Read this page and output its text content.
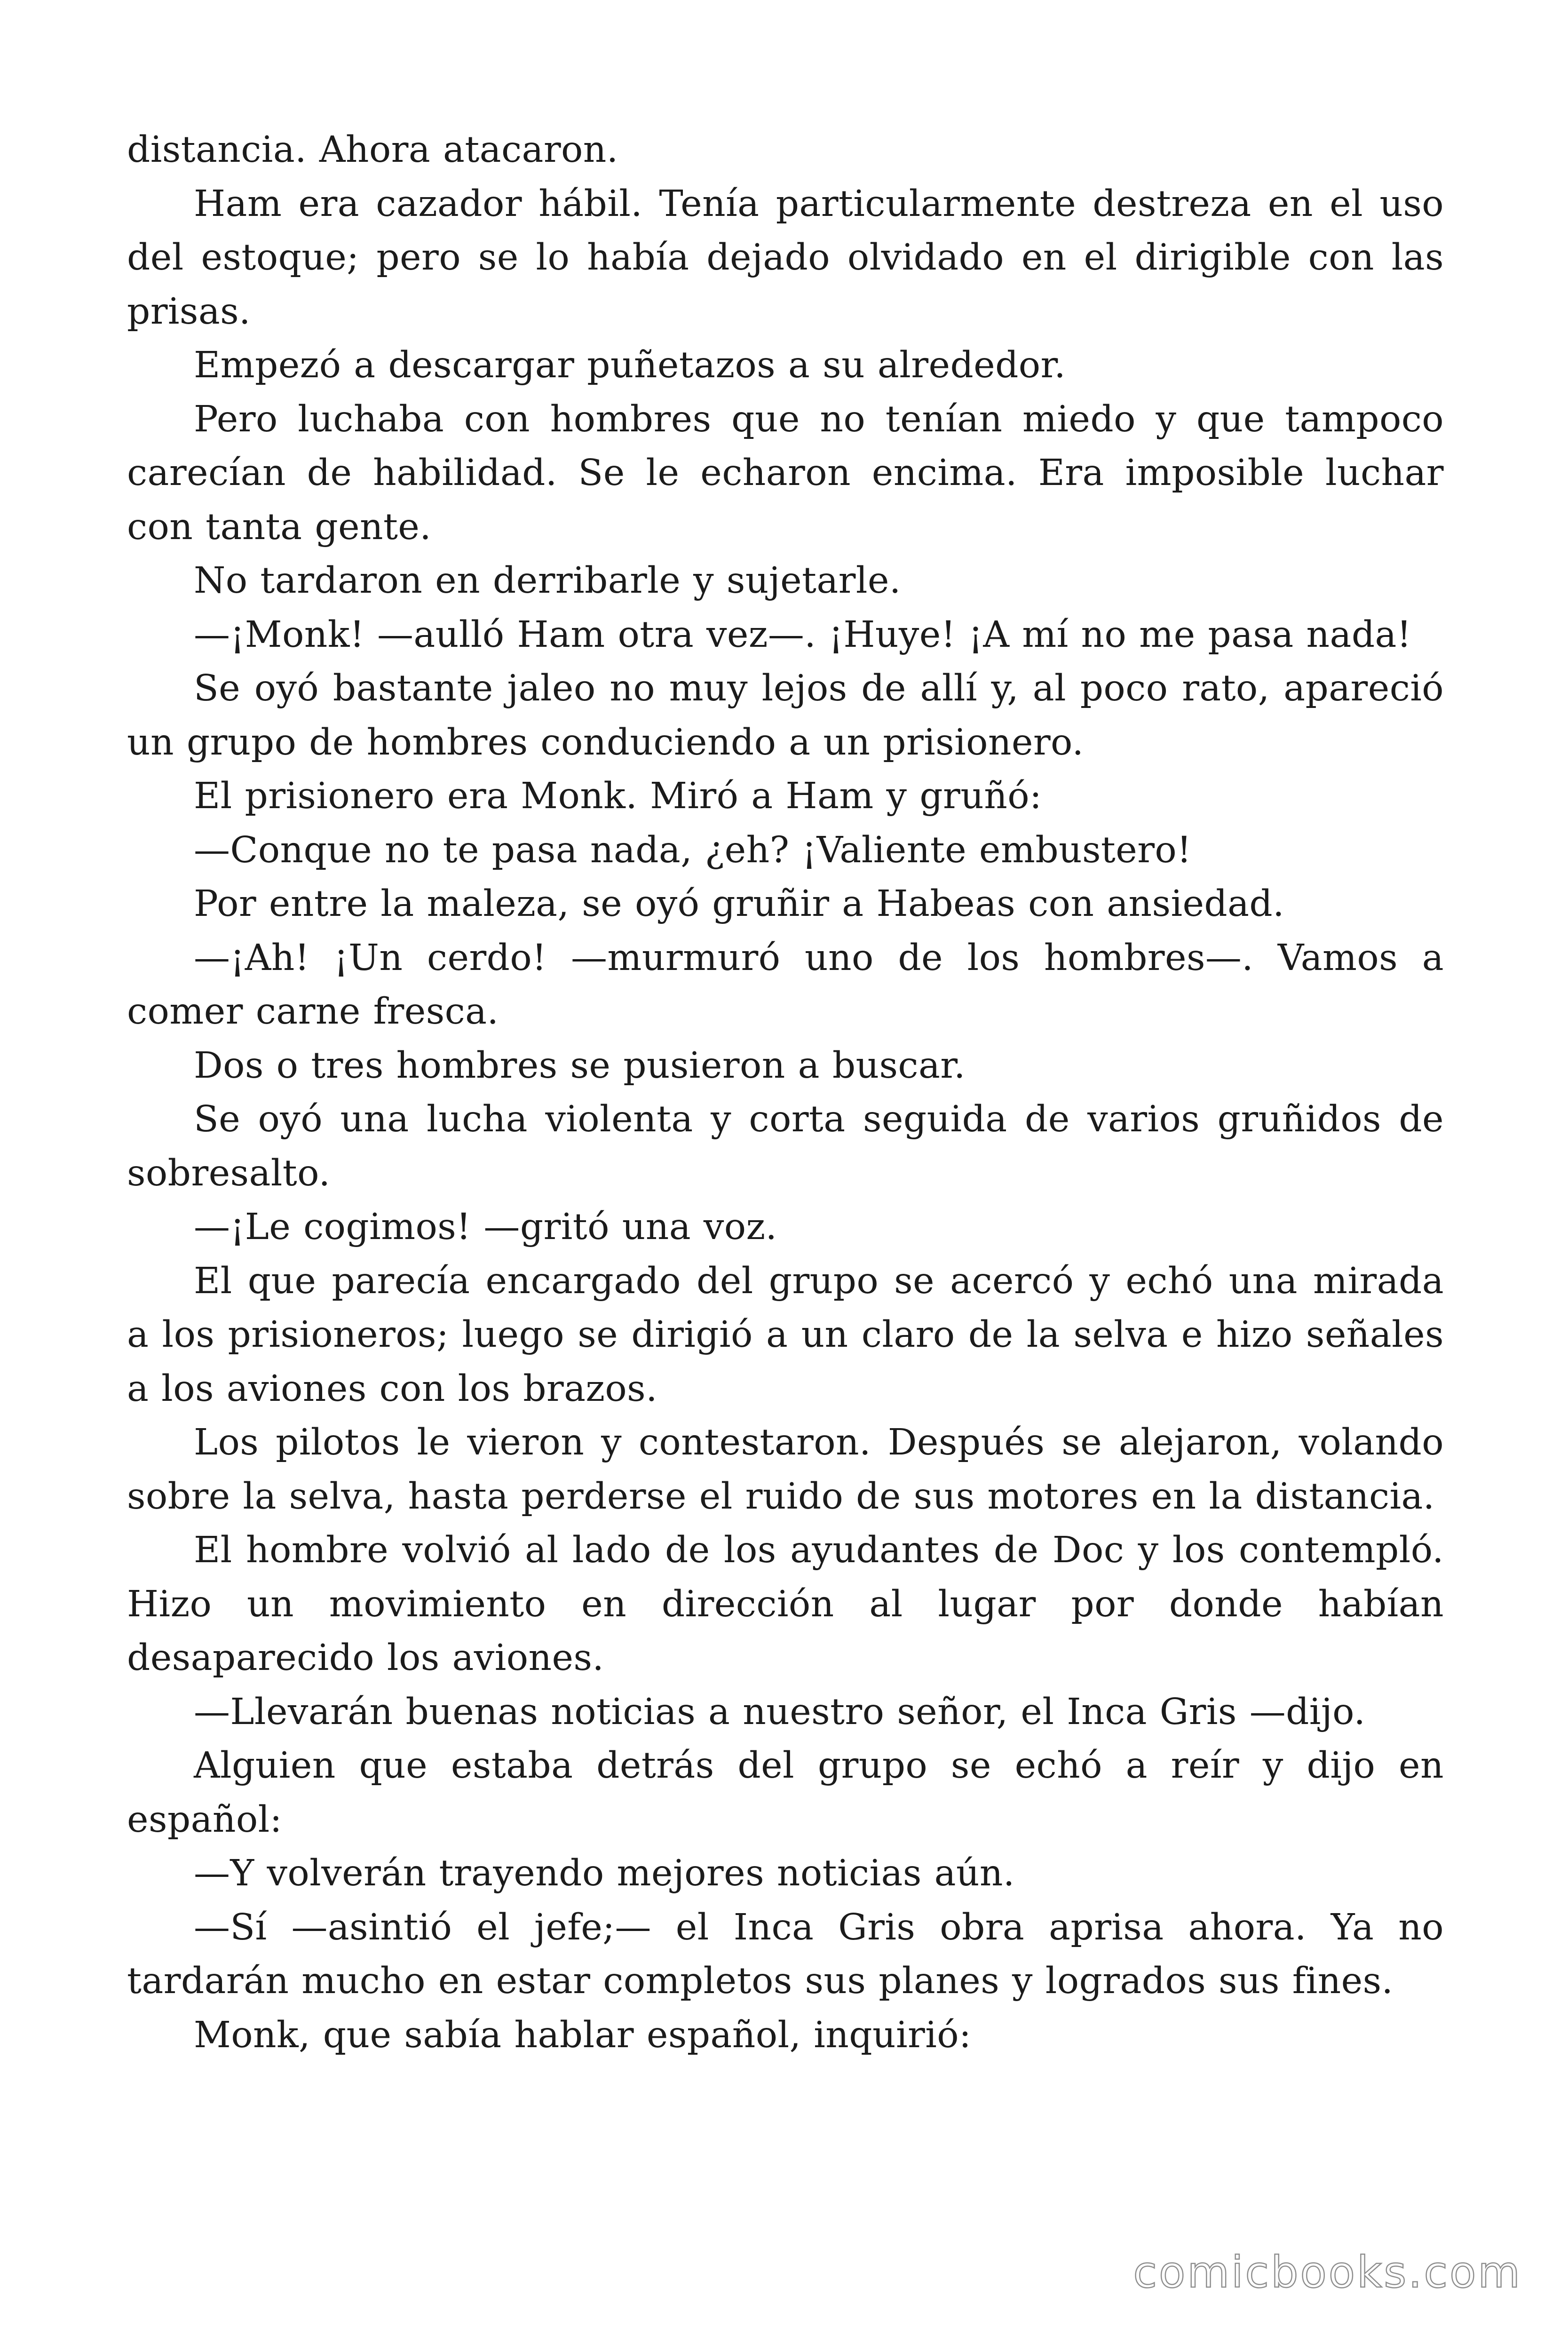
distancia. Ahora atacaron.

Ham era cazador hábil. Tenía particularmente destreza en el uso del estoque; pero se lo había dejado olvidado en el dirigible con las prisas.

Empezó a descargar puñetazos a su alrededor.

Pero luchaba con hombres que no tenían miedo y que tampoco carecían de habilidad. Se le echaron encima. Era imposible luchar con tanta gente.

No tardaron en derribarle y sujetarle.

—¡Monk! —aulló Ham otra vez—. ¡Huye! ¡A mí no me pasa nada!

Se oyó bastante jaleo no muy lejos de allí y, al poco rato, apareció un grupo de hombres conduciendo a un prisionero.

El prisionero era Monk. Miró a Ham y gruñó:

—Conque no te pasa nada, ¿eh? ¡Valiente embustero!

Por entre la maleza, se oyó gruñir a Habeas con ansiedad.

—¡Ah! ¡Un cerdo! —murmuró uno de los hombres—. Vamos a comer carne fresca.

Dos o tres hombres se pusieron a buscar.

Se oyó una lucha violenta y corta seguida de varios gruñidos de sobresalto.

—¡Le cogimos! —gritó una voz.

El que parecía encargado del grupo se acercó y echó una mirada a los prisioneros; luego se dirigió a un claro de la selva e hizo señales a los aviones con los brazos.

Los pilotos le vieron y contestaron. Después se alejaron, volando sobre la selva, hasta perderse el ruido de sus motores en la distancia.

El hombre volvió al lado de los ayudantes de Doc y los contempló. Hizo un movimiento en dirección al lugar por donde habían desaparecido los aviones.

—Llevarán buenas noticias a nuestro señor, el Inca Gris —dijo.

Alguien que estaba detrás del grupo se echó a reír y dijo en español:

—Y volverán trayendo mejores noticias aún.

—Sí —asintió el jefe;— el Inca Gris obra aprisa ahora. Ya no tardarán mucho en estar completos sus planes y logrados sus fines.

Monk, que sabía hablar español, inquirió:

comicbooks.com
